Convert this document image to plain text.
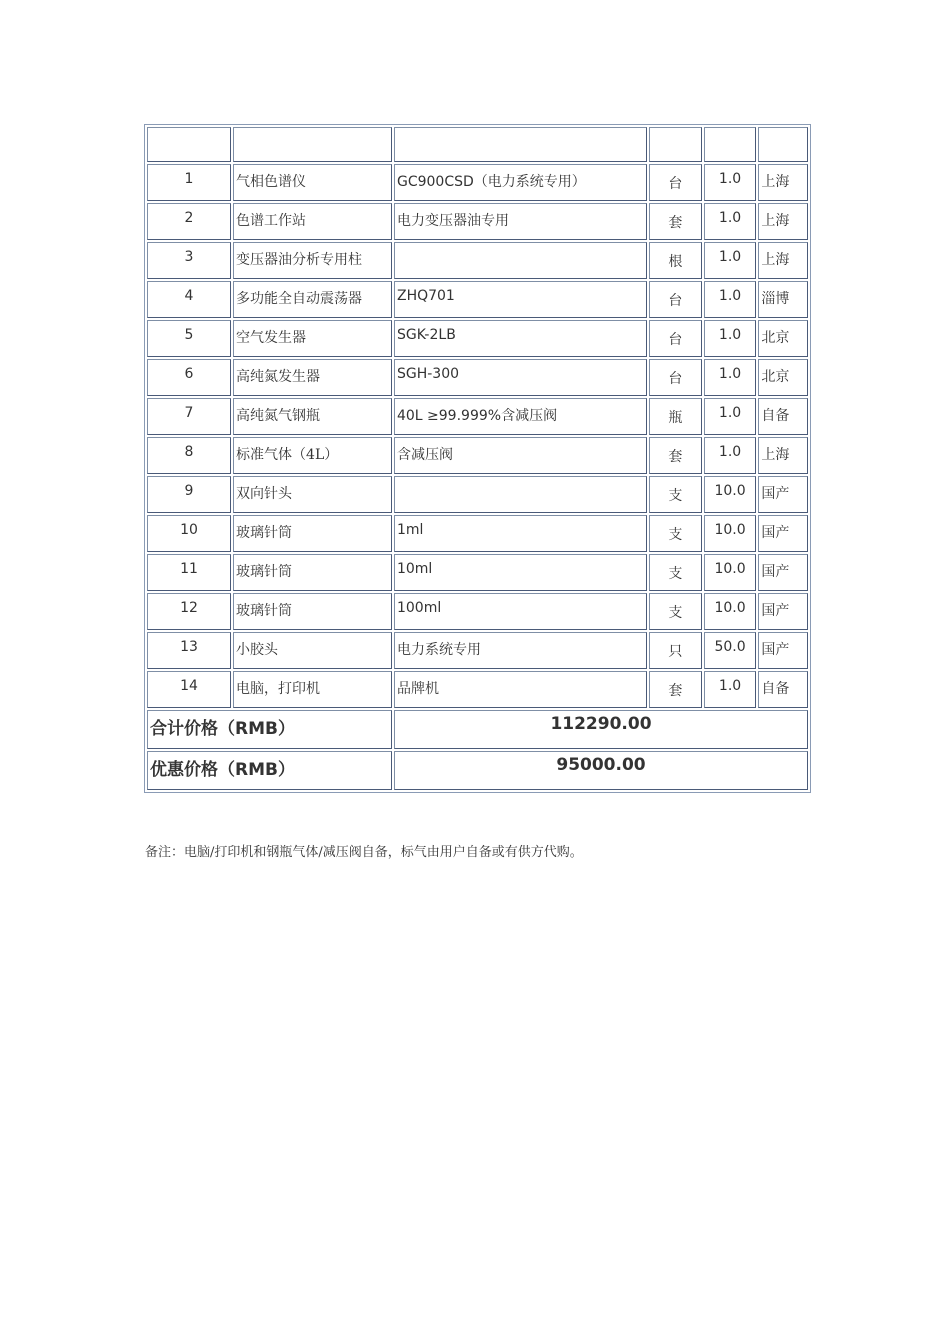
1	气相色谱仪	GC900CSD（电力系统专用）	台	1.0	上海
2	色谱工作站	电力变压器油专用	套	1.0	上海
3	变压器油分析专用柱		根	1.0	上海
4	多功能全自动震荡器	ZHQ701	台	1.0	淄博
5	空气发生器	SGK-2LB	台	1.0	北京
6	高纯氮发生器	SGH-300	台	1.0	北京
7	高纯氮气钢瓶	40L ≥99.999%含减压阀	瓶	1.0	自备
8	标准气体（4L）	含减压阀	套	1.0	上海
9	双向针头		支	10.0	国产
10	玻璃针筒	1ml	支	10.0	国产
11	玻璃针筒	10ml	支	10.0	国产
12	玻璃针筒	100ml	支	10.0	国产
13	小胶头	电力系统专用	只	50.0	国产
14	电脑，打印机	品牌机	套	1.0	自备
合计价格（RMB）		112290.00			
优惠价格（RMB）		95000.00			
备注：电脑/打印机和钢瓶气体/减压阀自备，标气由用户自备或有供方代购。
